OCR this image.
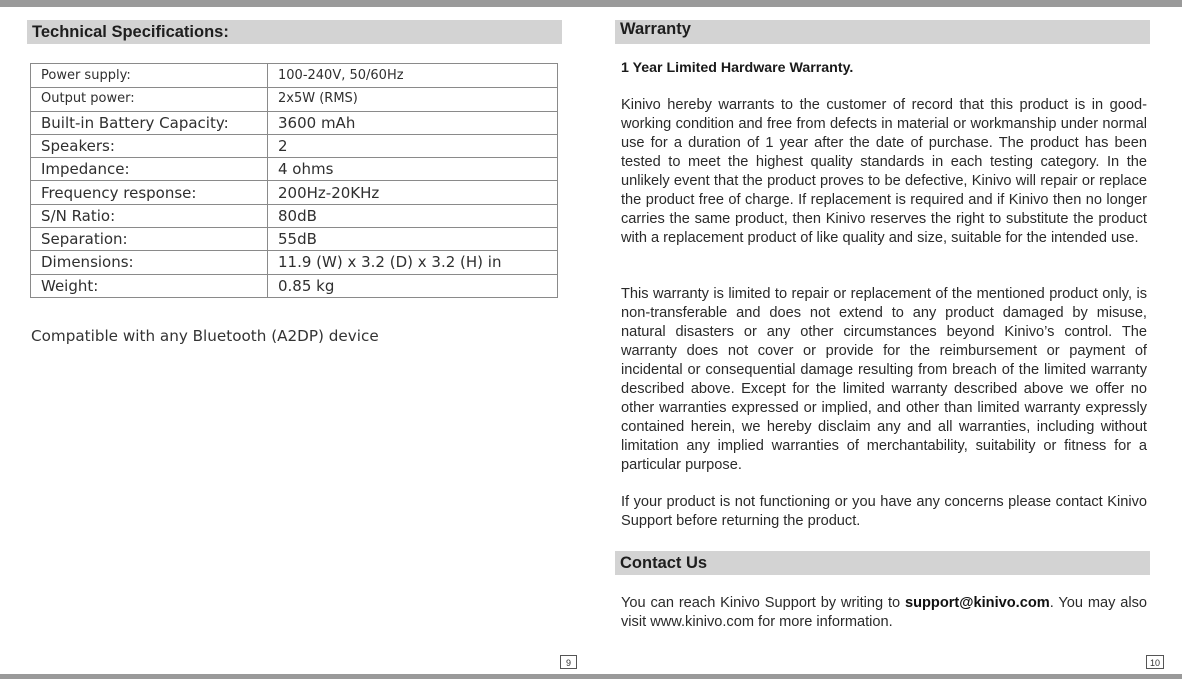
Technical Specifications:
Power supply:	100-240V, 50/60Hz
Output power:	2x5W (RMS)
Built-in Battery Capacity:	3600 mAh
Speakers:	2
Impedance:	4 ohms
Frequency response:	200Hz-20KHz
S/N Ratio:	80dB
Separation:	55dB
Dimensions:	11.9 (W) x 3.2 (D) x 3.2 (H) in
Weight:	0.85 kg
Compatible with any Bluetooth (A2DP) device
9
Warranty
1 Year Limited Hardware Warranty.
Kinivo hereby warrants to the customer of record that this product is in good-working condition and free from defects in material or workmanship under normal use for a duration of 1 year after the date of purchase. The product has been tested to meet the highest quality standards in each testing category. In the unlikely event that the product proves to be defective, Kinivo will repair or replace the product free of charge. If replacement is required and if Kinivo then no longer carries the same product, then Kinivo reserves the right to substitute the product with a replacement product of like quality and size, suitable for the intended use.
This warranty is limited to repair or replacement of the mentioned product only, is non-transferable and does not extend to any product damaged by misuse, natural disasters or any other circumstances beyond Kinivo’s control. The warranty does not cover or provide for the reimbursement or payment of incidental or consequential damage resulting from breach of the limited warranty described above. Except for the limited warranty described above we offer no other warranties expressed or implied, and other than limited warranty expressly contained herein, we hereby disclaim any and all warranties, including without limitation any implied warranties of merchantability, suitability or fitness for a particular purpose.
If your product is not functioning or you have any concerns please contact Kinivo Support before returning the product.
Contact Us
You can reach Kinivo Support by writing to support@kinivo.com. You may also visit www.kinivo.com for more information.
10
